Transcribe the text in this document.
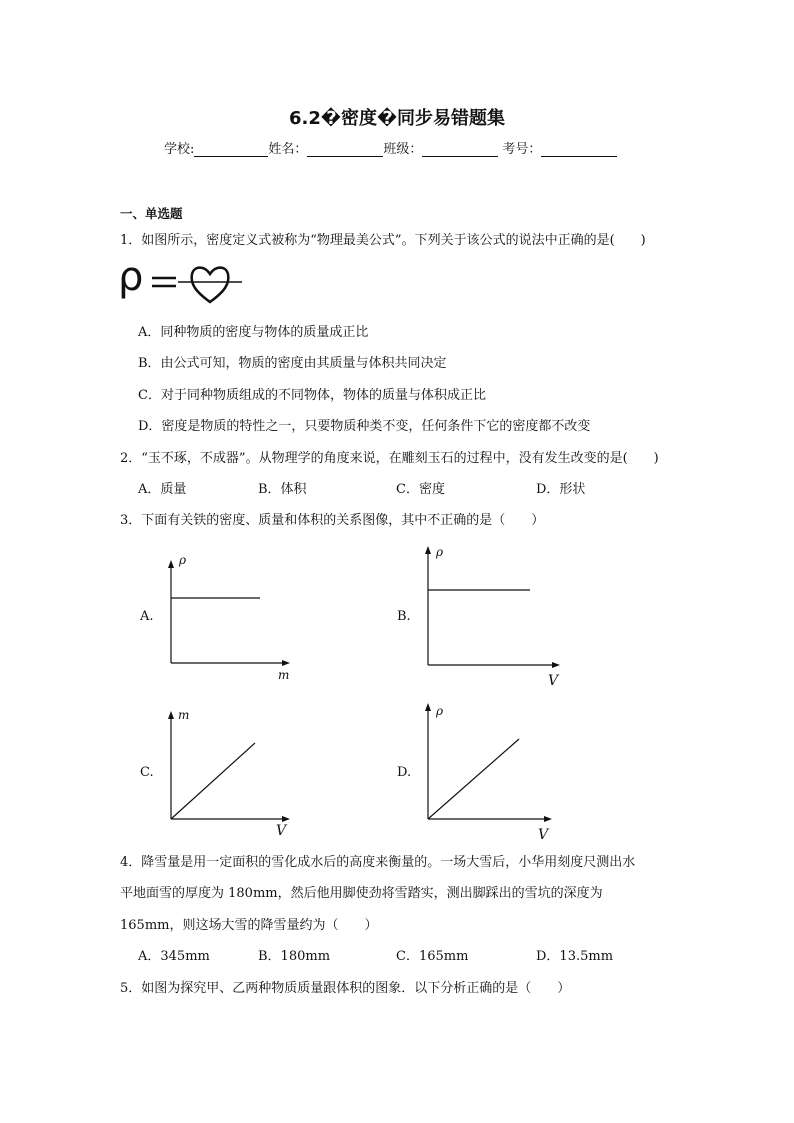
6.2�密度�同步易错题集
学校:	姓名：	班级：	考号：
一、单选题
1．如图所示，密度定义式被称为“物理最美公式”。下列关于该公式的说法中正确的是(　　)
ρ
A．同种物质的密度与物体的质量成正比
B．由公式可知，物质的密度由其质量与体积共同决定
C．对于同种物质组成的不同物体，物体的质量与体积成正比
D．密度是物质的特性之一，只要物质种类不变，任何条件下它的密度都不改变
2．“玉不琢，不成器”。从物理学的角度来说，在雕刻玉石的过程中，没有发生改变的是(　　)
A．质量	B．体积	C．密度	D．形状
3．下面有关铁的密度、质量和体积的关系图像，其中不正确的是（　　）
A.
ρ
m
B.
ρ
V
C.
m
V
D.
ρ
V
4．降雪量是用一定面积的雪化成水后的高度来衡量的。一场大雪后，小华用刻度尺测出水
平地面雪的厚度为 180mm，然后他用脚使劲将雪踏实，测出脚踩出的雪坑的深度为
165mm，则这场大雪的降雪量约为（　　）
A．345mm	B．180mm	C．165mm	D．13.5mm
5．如图为探究甲、乙两种物质质量跟体积的图象．以下分析正确的是（　　）
